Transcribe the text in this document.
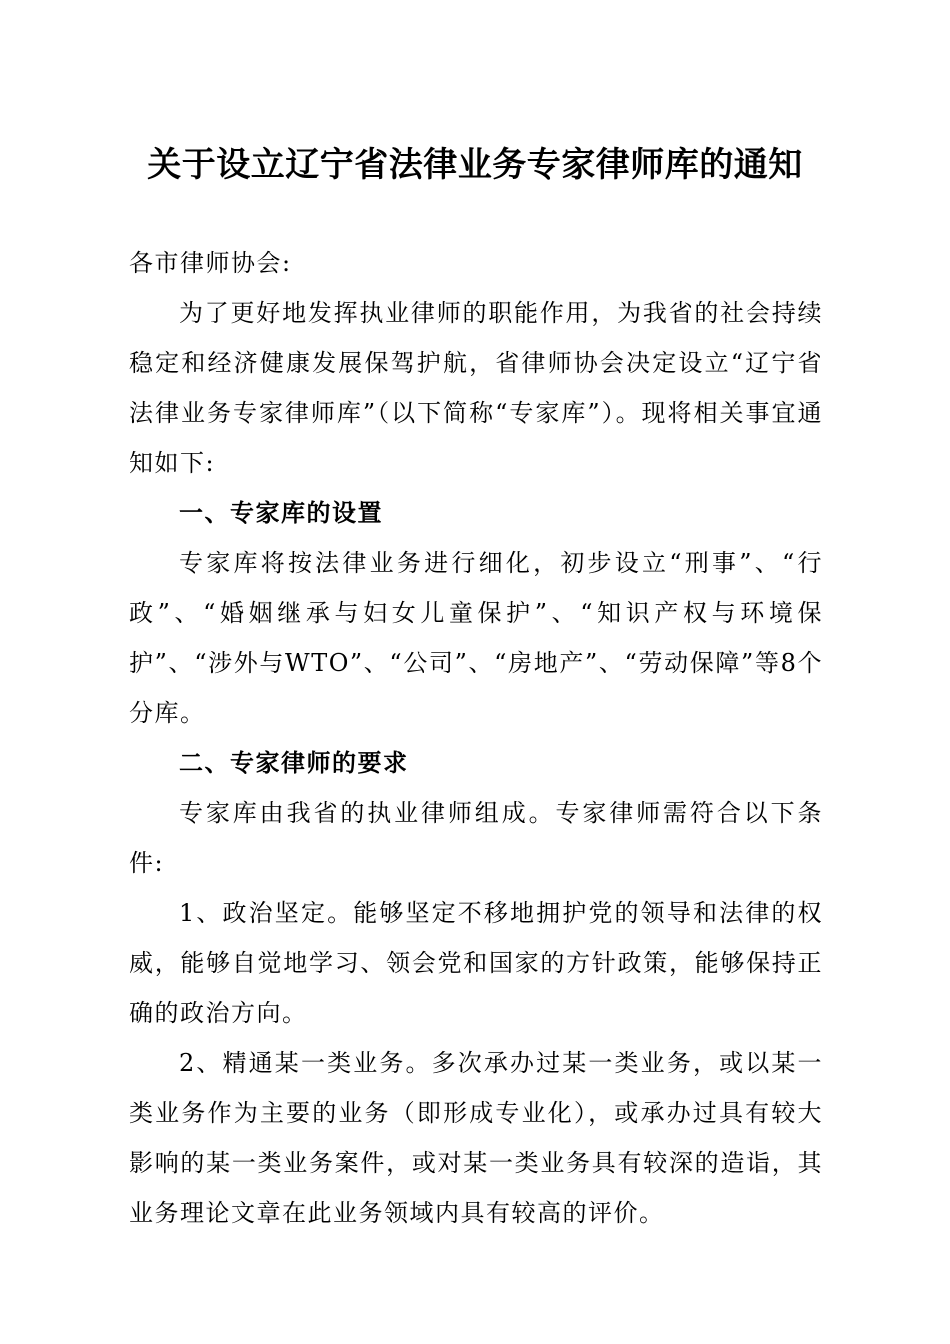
关于设立辽宁省法律业务专家律师库的通知

各市律师协会:

为了更好地发挥执业律师的职能作用，为我省的社会持续稳定和经济健康发展保驾护航，省律师协会决定设立“辽宁省法律业务专家律师库”（以下简称“专家库”）。现将相关事宜通知如下:

一、专家库的设置

专家库将按法律业务进行细化，初步设立“刑事”、“行政”、“婚姻继承与妇女儿童保护”、“知识产权与环境保护”、“涉外与WTO”、“公司”、“房地产”、“劳动保障”等8个分库。

二、专家律师的要求

专家库由我省的执业律师组成。专家律师需符合以下条件:

1、政治坚定。能够坚定不移地拥护党的领导和法律的权威，能够自觉地学习、领会党和国家的方针政策，能够保持正确的政治方向。

2、精通某一类业务。多次承办过某一类业务，或以某一类业务作为主要的业务（即形成专业化），或承办过具有较大影响的某一类业务案件，或对某一类业务具有较深的造诣，其业务理论文章在此业务领域内具有较高的评价。
